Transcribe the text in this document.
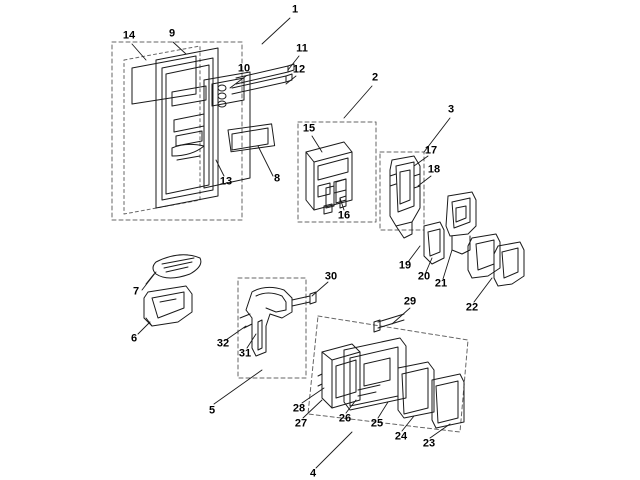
1
2
3
4
5
6
7
8
9
10
11
12
13
14
15
16
17
18
19
20
21
22
23
24
25
26
27
28
29
30
31
32
